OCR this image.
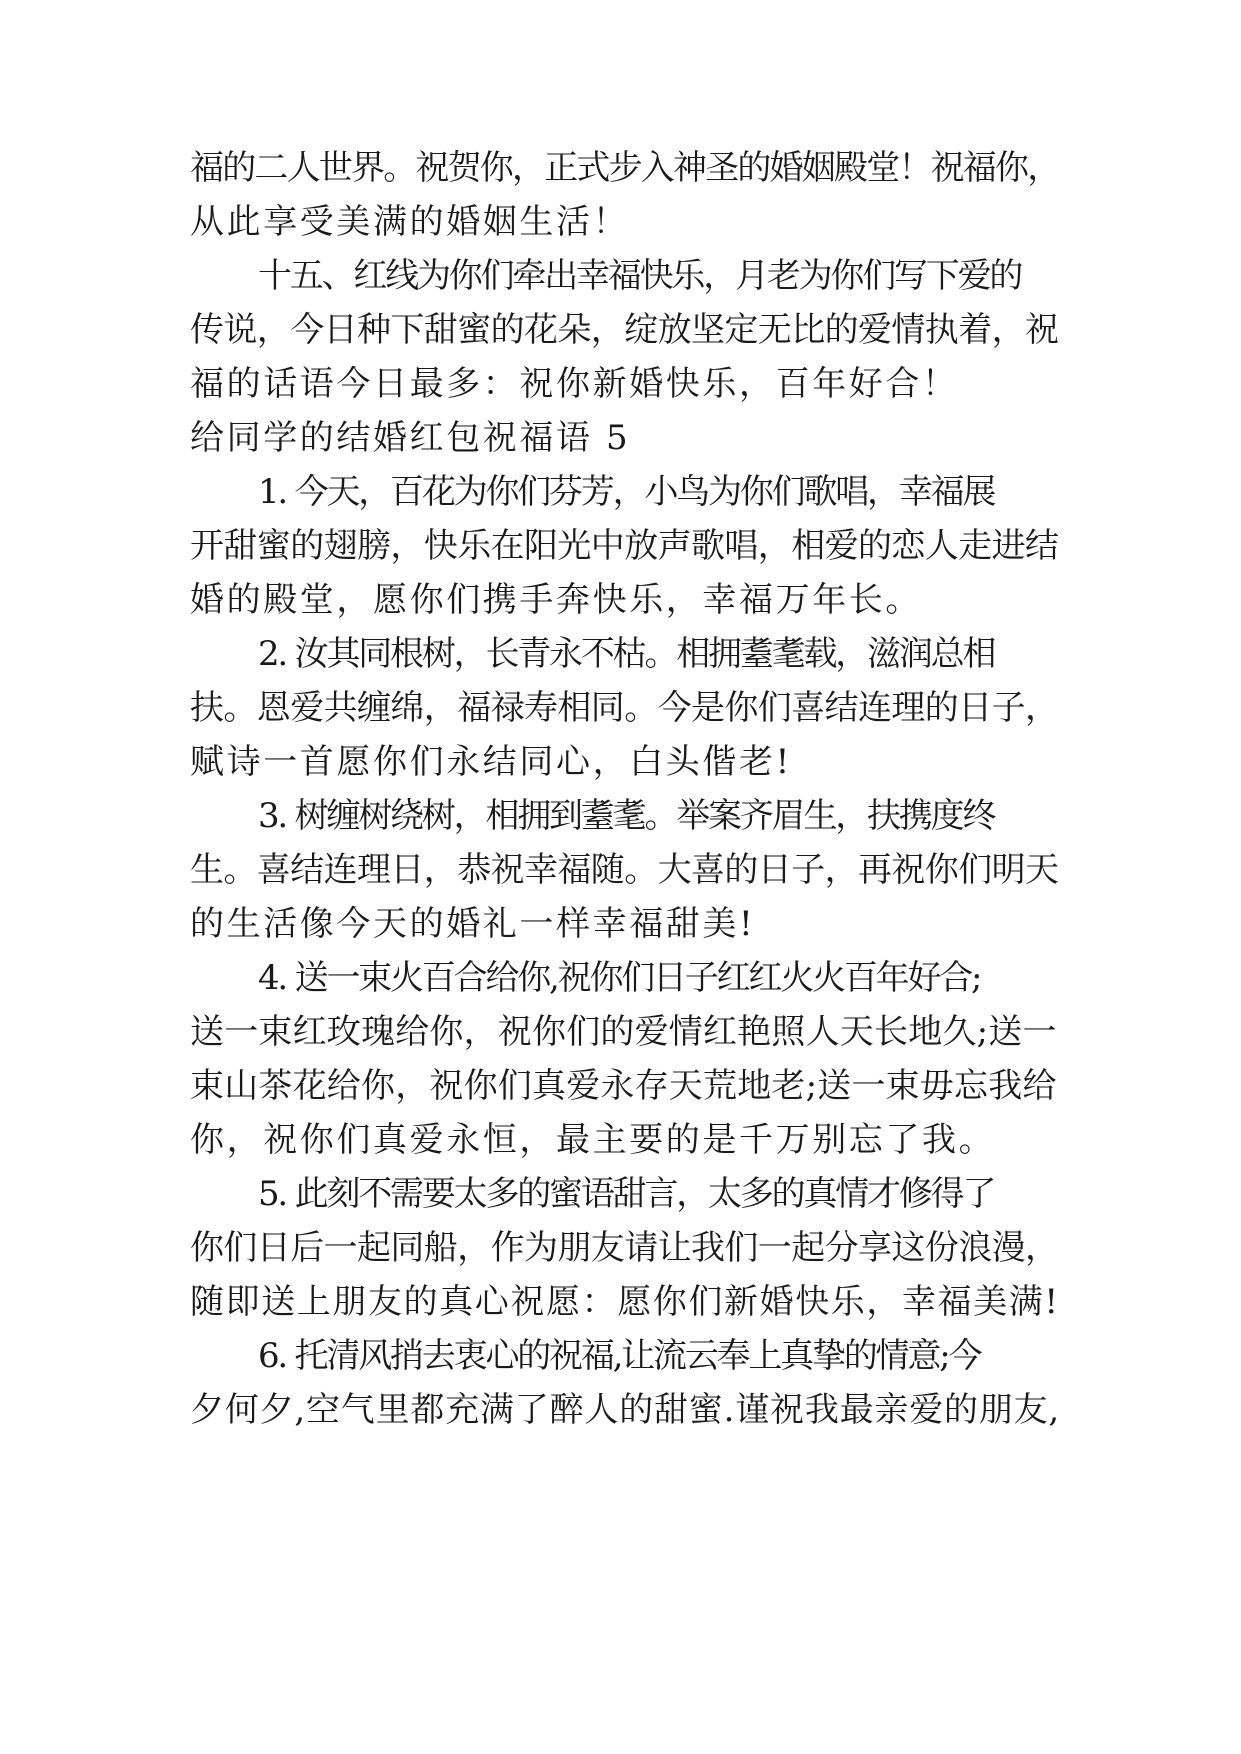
福的二人世界。祝贺你，正式步入神圣的婚姻殿堂！祝福你，
从此享受美满的婚姻生活！
十五、红线为你们牵出幸福快乐，月老为你们写下爱的
传说，今日种下甜蜜的花朵，绽放坚定无比的爱情执着，祝
福的话语今日最多：祝你新婚快乐，百年好合！
给同学的结婚红包祝福语 5
1. 今天，百花为你们芬芳，小鸟为你们歌唱，幸福展
开甜蜜的翅膀，快乐在阳光中放声歌唱，相爱的恋人走进结
婚的殿堂，愿你们携手奔快乐，幸福万年长。
2. 汝其同根树，长青永不枯。相拥耋耄载，滋润总相
扶。恩爱共缠绵，福禄寿相同。今是你们喜结连理的日子，
赋诗一首愿你们永结同心，白头偕老!
3. 树缠树绕树，相拥到耋耄。举案齐眉生，扶携度终
生。喜结连理日，恭祝幸福随。大喜的日子，再祝你们明天
的生活像今天的婚礼一样幸福甜美!
4. 送一束火百合给你,祝你们日子红红火火百年好合;
送一束红玫瑰给你，祝你们的爱情红艳照人天长地久;送一
束山茶花给你，祝你们真爱永存天荒地老;送一束毋忘我给
你，祝你们真爱永恒，最主要的是千万别忘了我。
5. 此刻不需要太多的蜜语甜言，太多的真情才修得了
你们日后一起同船，作为朋友请让我们一起分享这份浪漫，
随即送上朋友的真心祝愿：愿你们新婚快乐，幸福美满!
6. 托清风捎去衷心的祝福,让流云奉上真挚的情意;今
夕何夕,空气里都充满了醉人的甜蜜.谨祝我最亲爱的朋友,
